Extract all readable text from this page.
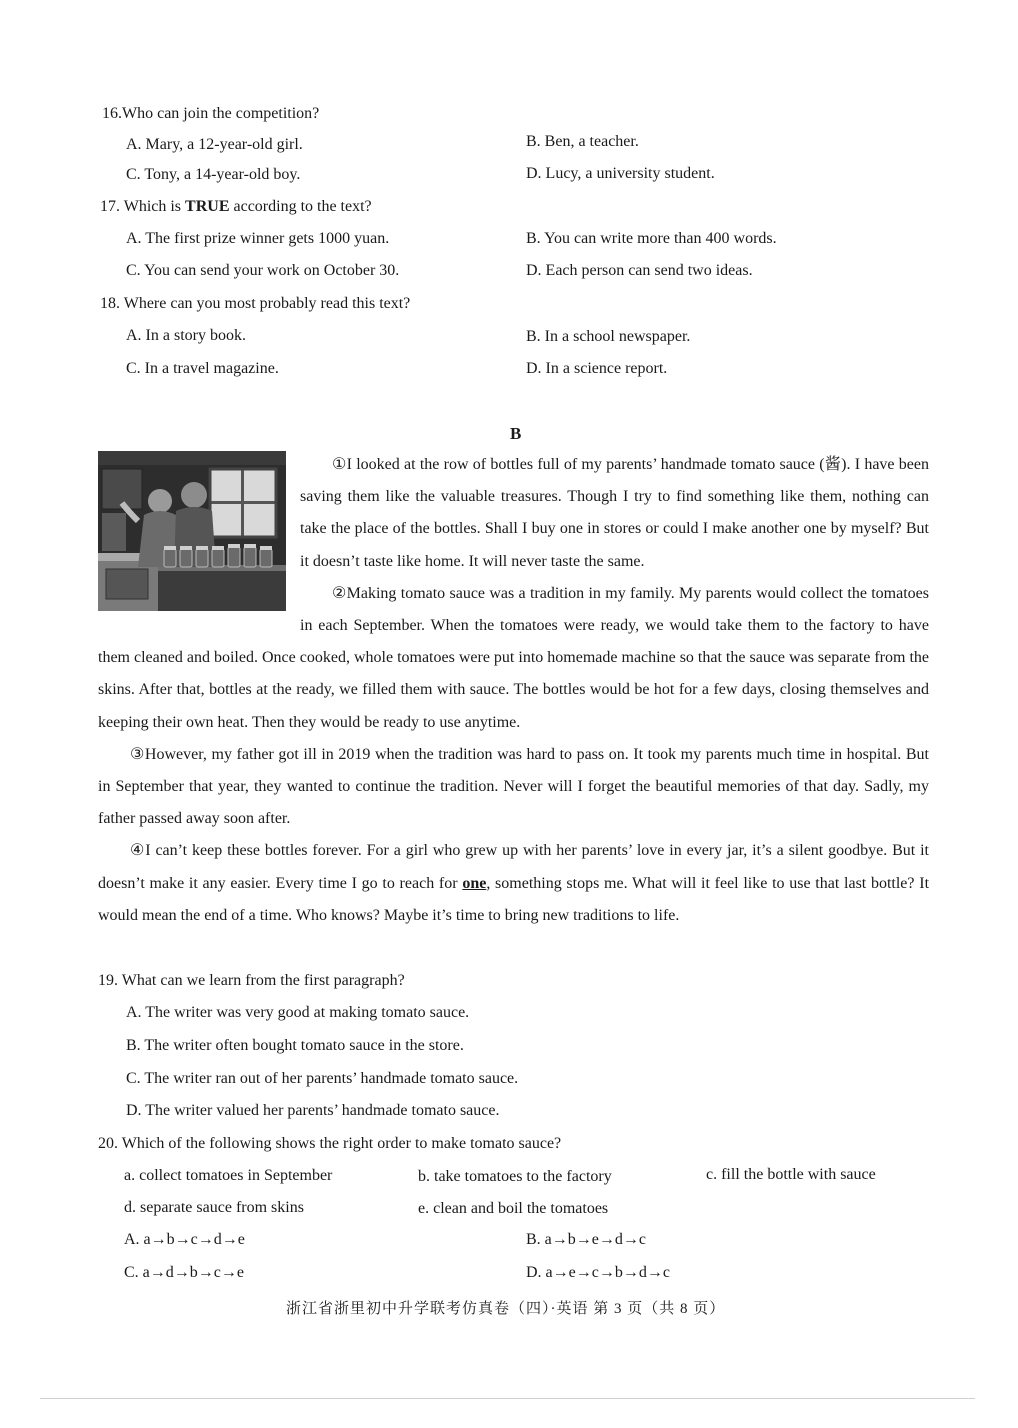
16.Who can join the competition?
A. Mary, a 12-year-old girl.	B. Ben, a teacher.
C. Tony, a 14-year-old boy.	D. Lucy, a university student.
17. Which is TRUE according to the text?
A. The first prize winner gets 1000 yuan.	B. You can write more than 400 words.
C. You can send your work on October 30.	D. Each person can send two ideas.
18. Where can you most probably read this text?
A. In a story book.	B. In a school newspaper.
C. In a travel magazine.	D. In a science report.
B

①I looked at the row of bottles full of my parents’ handmade tomato sauce (酱). I have been saving them like the valuable treasures. Though I try to find something like them, nothing can take the place of the bottles. Shall I buy one in stores or could I make another one by myself? But it doesn’t taste like home. It will never taste the same.

②Making tomato sauce was a tradition in my family. My parents would collect the tomatoes in each September. When the tomatoes were ready, we would take them to the factory to have them cleaned and boiled. Once cooked, whole tomatoes were put into homemade machine so that the sauce was separate from the skins. After that, bottles at the ready, we filled them with sauce. The bottles would be hot for a few days, closing themselves and keeping their own heat. Then they would be ready to use anytime.

③However, my father got ill in 2019 when the tradition was hard to pass on. It took my parents much time in hospital. But in September that year, they wanted to continue the tradition. Never will I forget the beautiful memories of that day. Sadly, my father passed away soon after.

④I can’t keep these bottles forever. For a girl who grew up with her parents’ love in every jar, it’s a silent goodbye. But it doesn’t make it any easier. Every time I go to reach for one, something stops me. What will it feel like to use that last bottle? It would mean the end of a time. Who knows? Maybe it’s time to bring new traditions to life.

19. What can we learn from the first paragraph?
A. The writer was very good at making tomato sauce.
B. The writer often bought tomato sauce in the store.
C. The writer ran out of her parents’ handmade tomato sauce.
D. The writer valued her parents’ handmade tomato sauce.
20. Which of the following shows the right order to make tomato sauce?
a. collect tomatoes in September	b. take tomatoes to the factory	c. fill the bottle with sauce
d. separate sauce from skins	e. clean and boil the tomatoes
A. a→b→c→d→e	B. a→b→e→d→c
C. a→d→b→c→e	D. a→e→c→b→d→c
浙江省浙里初中升学联考仿真卷（四）·英语 第 3 页（共 8 页）
